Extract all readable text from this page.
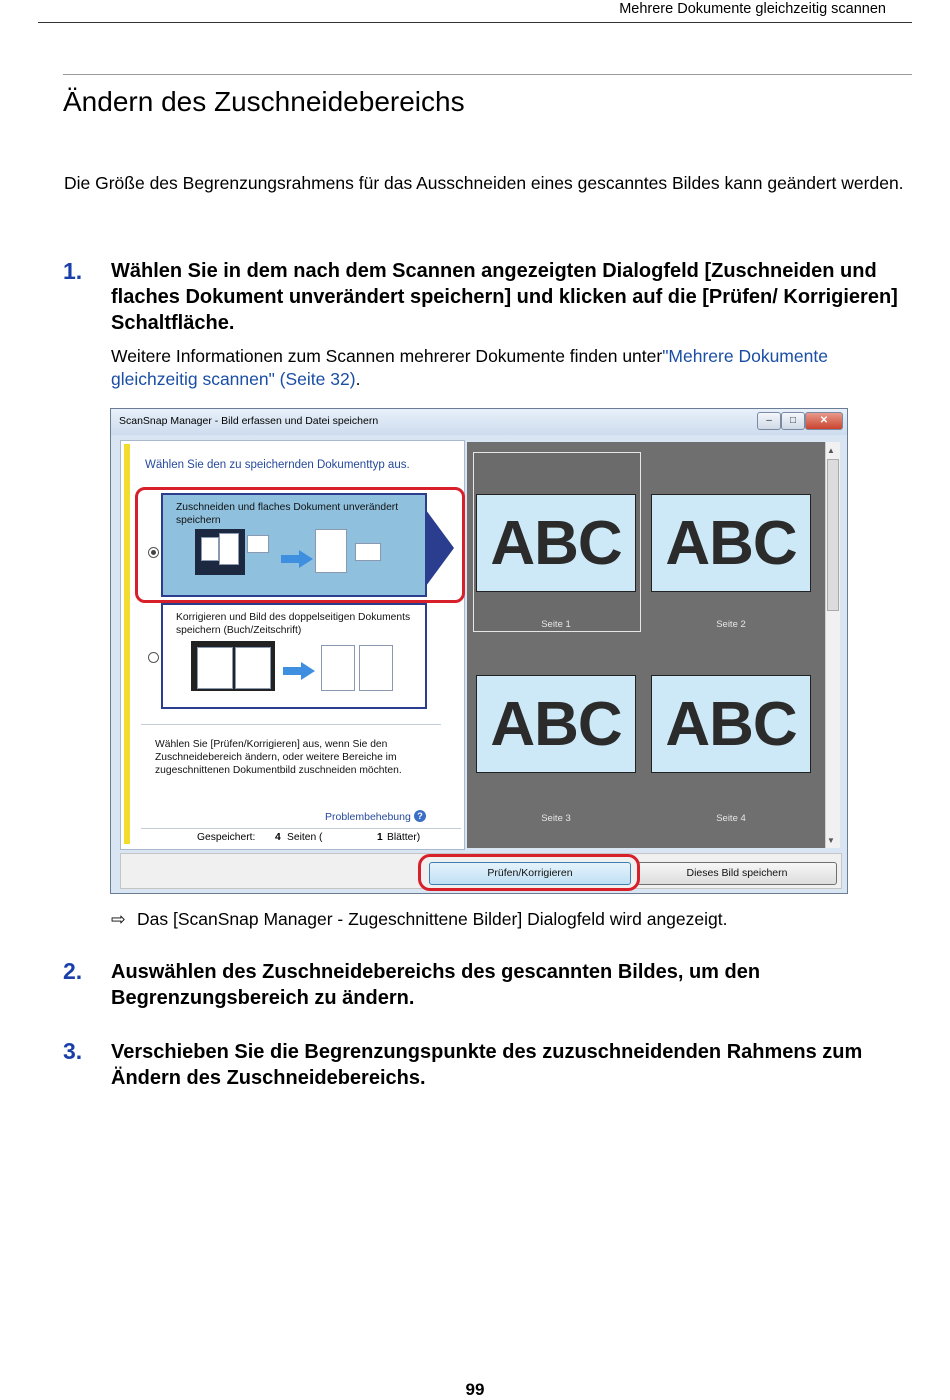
Mehrere Dokumente gleichzeitig scannen
Ändern des Zuschneidebereichs

Die Größe des Begrenzungsrahmens für das Ausschneiden eines gescanntes Bildes kann geändert werden.

1. Wählen Sie in dem nach dem Scannen angezeigten Dialogfeld [Zuschneiden und flaches Dokument unverändert speichern] und klicken auf die [Prüfen/ Korrigieren] Schaltfläche.

Weitere Informationen zum Scannen mehrerer Dokumente finden unter"Mehrere Dokumente gleichzeitig scannen" (Seite 32).

ScanSnap Manager - Bild erfassen und Datei speichern	–	□	✕

Wählen Sie den zu speichernden Dokumenttyp aus.

Zuschneiden und flaches Dokument unverändert speichern
Korrigieren und Bild des doppelseitigen Dokuments speichern (Buch/Zeitschrift)

Wählen Sie [Prüfen/Korrigieren] aus, wenn Sie den Zuschneidebereich ändern, oder weitere Bereiche im zugeschnittenen Dokumentbild zuschneiden möchten.

Problembehebung ?
Gespeichert: 4 Seiten (	1 Blätter)
ABC
Seite 1
ABC
Seite 2
ABC
Seite 3
ABC
Seite 4
▲
▼
Prüfen/Korrigieren	Dieses Bild speichern
⇨ Das [ScanSnap Manager - Zugeschnittene Bilder] Dialogfeld wird angezeigt.
2. Auswählen des Zuschneidebereichs des gescannten Bildes, um den Begrenzungsbereich zu ändern.

3. Verschieben Sie die Begrenzungspunkte des zuzuschneidenden Rahmens zum Ändern des Zuschneidebereichs.

99
